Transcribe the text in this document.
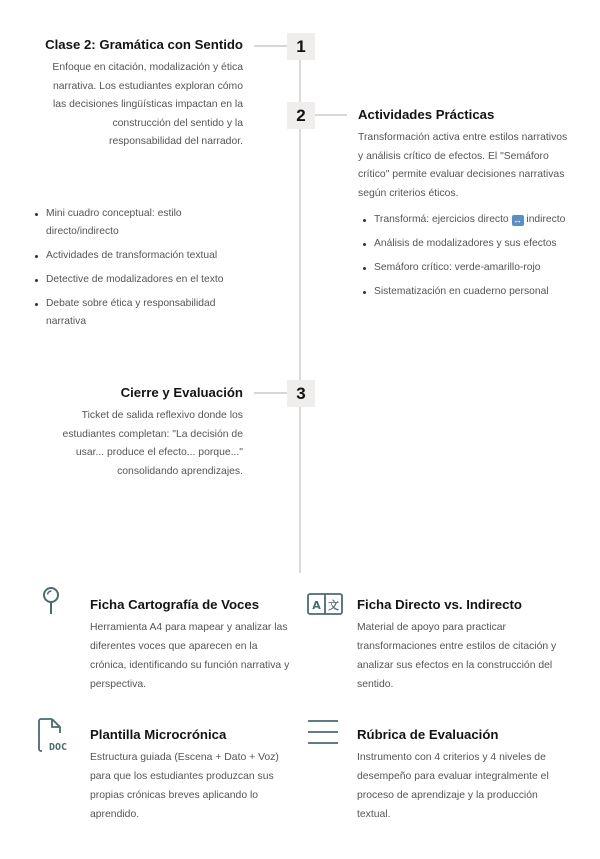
1
Clase 2: Gramática con Sentido
Enfoque en citación, modalización y ética narrativa. Los estudiantes exploran cómo las decisiones lingüísticas impactan en la construcción del sentido y la responsabilidad del narrador.
Mini cuadro conceptual: estilo directo/indirecto
Actividades de transformación textual
Detective de modalizadores en el texto
Debate sobre ética y responsabilidad narrativa
2	Actividades Prácticas
Transformación activa entre estilos narrativos y análisis crítico de efectos. El "Semáforo crítico" permite evaluar decisiones narrativas según criterios éticos.
Transformá: ejercicios directo ↔ indirecto
Análisis de modalizadores y sus efectos
Semáforo crítico: verde-amarillo-rojo
Sistematización en cuaderno personal
3
Cierre y Evaluación
Ticket de salida reflexivo donde los estudiantes completan: "La decisión de usar... produce el efecto... porque..." consolidando aprendizajes.
Ficha Cartografía de Voces
Herramienta A4 para mapear y analizar las diferentes voces que aparecen en la crónica, identificando su función narrativa y perspectiva.
A 文 Ficha Directo vs. Indirecto
Material de apoyo para practicar transformaciones entre estilos de citación y analizar sus efectos en la construcción del sentido.
DOC
Plantilla Microcrónica
Estructura guiada (Escena + Dato + Voz) para que los estudiantes produzcan sus propias crónicas breves aplicando lo aprendido.
Rúbrica de Evaluación
Instrumento con 4 criterios y 4 niveles de desempeño para evaluar integralmente el proceso de aprendizaje y la producción textual.
